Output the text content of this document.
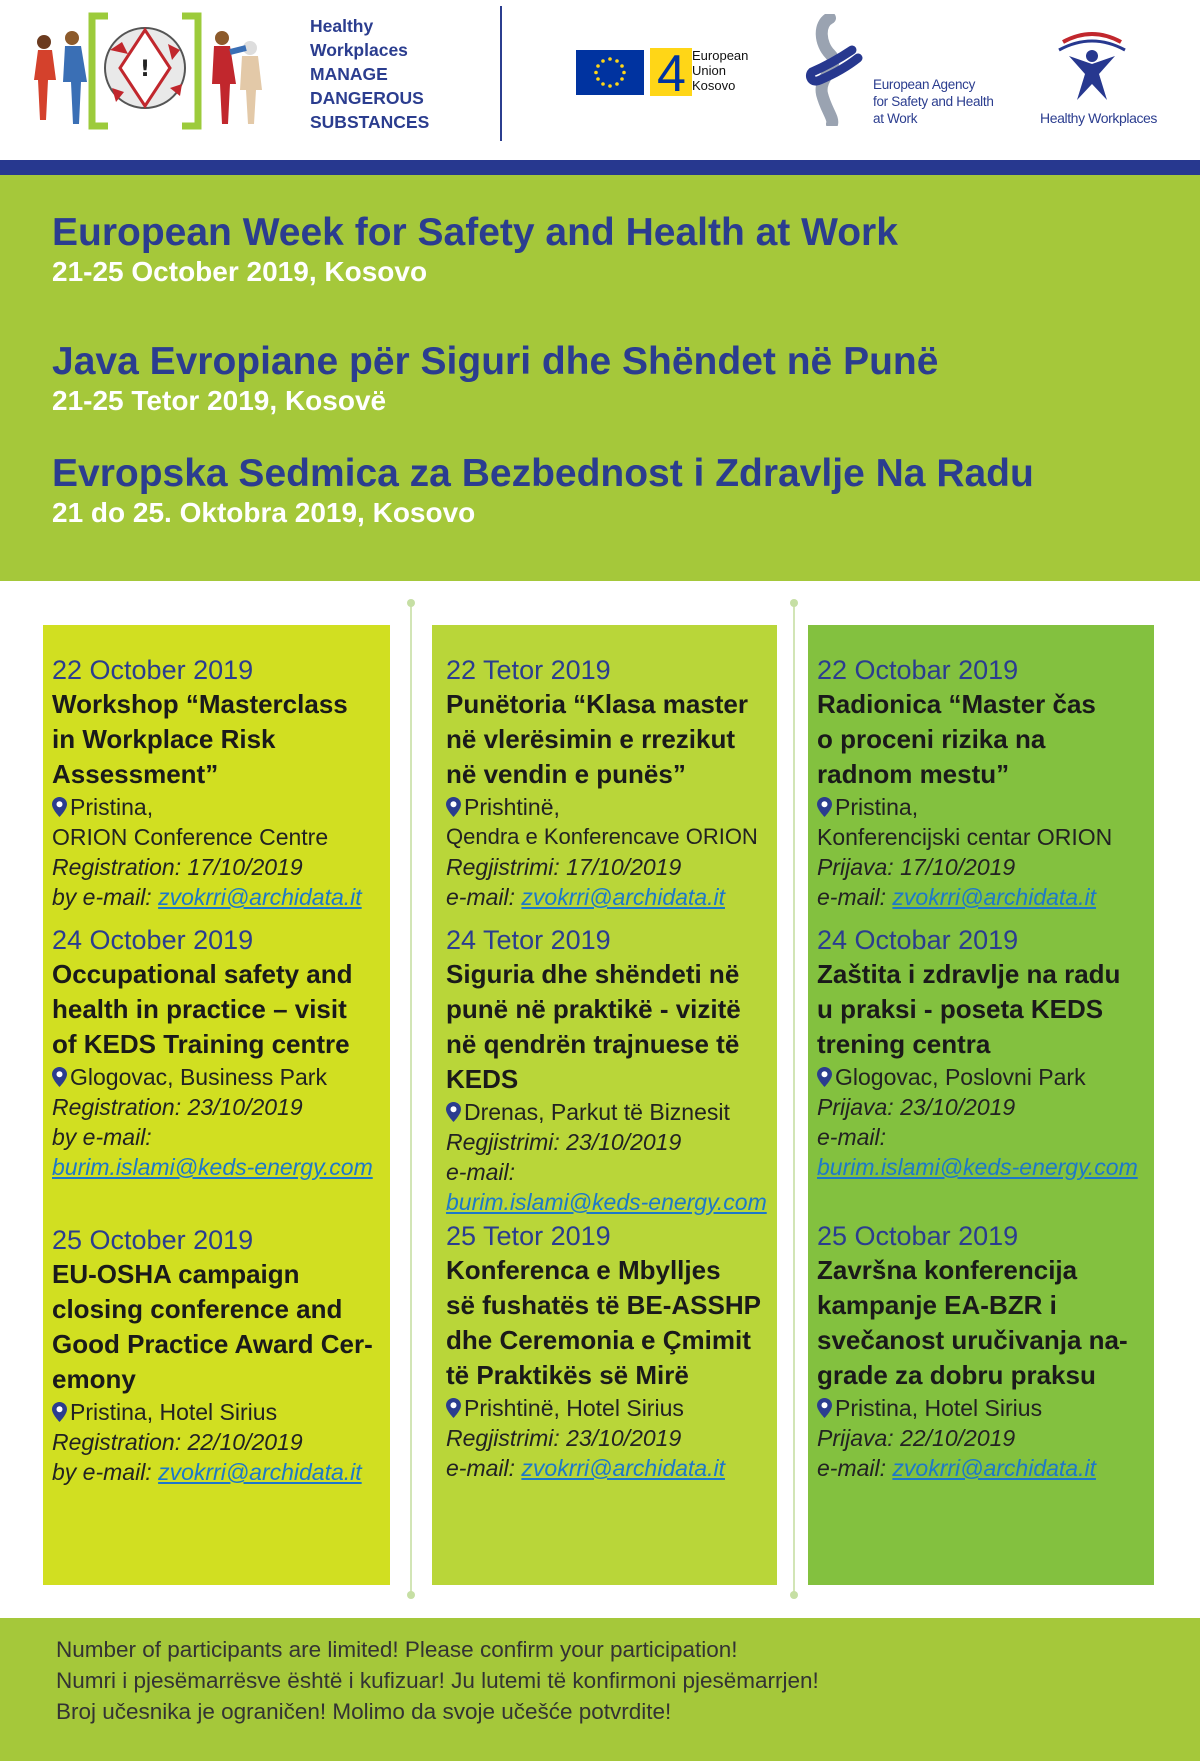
!
Healthy
Workplaces
MANAGE
DANGEROUS
SUBSTANCES
4 European
Union
Kosovo	European Agency
for Safety and Health
at Work	Healthy Workplaces
European Week for Safety and Health at Work
21-25 October 2019, Kosovo
Java Evropiane për Siguri dhe Shëndet në Punë
21-25 Tetor 2019, Kosovë
Evropska Sedmica za Bezbednost i Zdravlje Na Radu
21 do 25. Oktobra 2019, Kosovo
22 October 2019
Workshop “Masterclass
in Workplace Risk
Assessment”
Pristina,
ORION Conference Centre
Registration: 17/10/2019
by e-mail: zvokrri@archidata.it
24 October 2019
Occupational safety and
health in practice – visit
of KEDS Training centre
Glogovac, Business Park
Registration: 23/10/2019
by e-mail:
burim.islami@keds-energy.com
25 October 2019
EU-OSHA campaign
closing conference and
Good Practice Award Cer-
emony
Pristina, Hotel Sirius
Registration: 22/10/2019
by e-mail: zvokrri@archidata.it
22 Tetor 2019
Punëtoria “Klasa master
në vlerësimin e rrezikut
në vendin e punës”
Prishtinë,
Qendra e Konferencave ORION
Regjistrimi: 17/10/2019
e-mail: zvokrri@archidata.it
24 Tetor 2019
Siguria dhe shëndeti në
punë në praktikë - vizitë
në qendrën trajnuese të
KEDS
Drenas, Parkut të Biznesit
Regjistrimi: 23/10/2019
e-mail:
burim.islami@keds-energy.com
25 Tetor 2019
Konferenca e Mbylljes
së fushatës të BE-ASSHP
dhe Ceremonia e Çmimit
të Praktikës së Mirë
Prishtinë, Hotel Sirius
Regjistrimi: 23/10/2019
e-mail: zvokrri@archidata.it
22 Octobar 2019
Radionica “Master čas
o proceni rizika na
radnom mestu”
Pristina,
Konferencijski centar ORION
Prijava: 17/10/2019
e-mail: zvokrri@archidata.it
24 Octobar 2019
Zaštita i zdravlje na radu
u praksi - poseta KEDS
trening centra
Glogovac, Poslovni Park
Prijava: 23/10/2019
e-mail:
burim.islami@keds-energy.com
25 Octobar 2019
Završna konferencija
kampanje EA-BZR i
svečanost uručivanja na-
grade za dobru praksu
Pristina, Hotel Sirius
Prijava: 22/10/2019
e-mail: zvokrri@archidata.it
Number of participants are limited! Please confirm your participation!
Numri i pjesëmarrësve është i kufizuar! Ju lutemi të konfirmoni pjesëmarrjen!
Broj učesnika je ograničen! Molimo da svoje učešće potvrdite!
